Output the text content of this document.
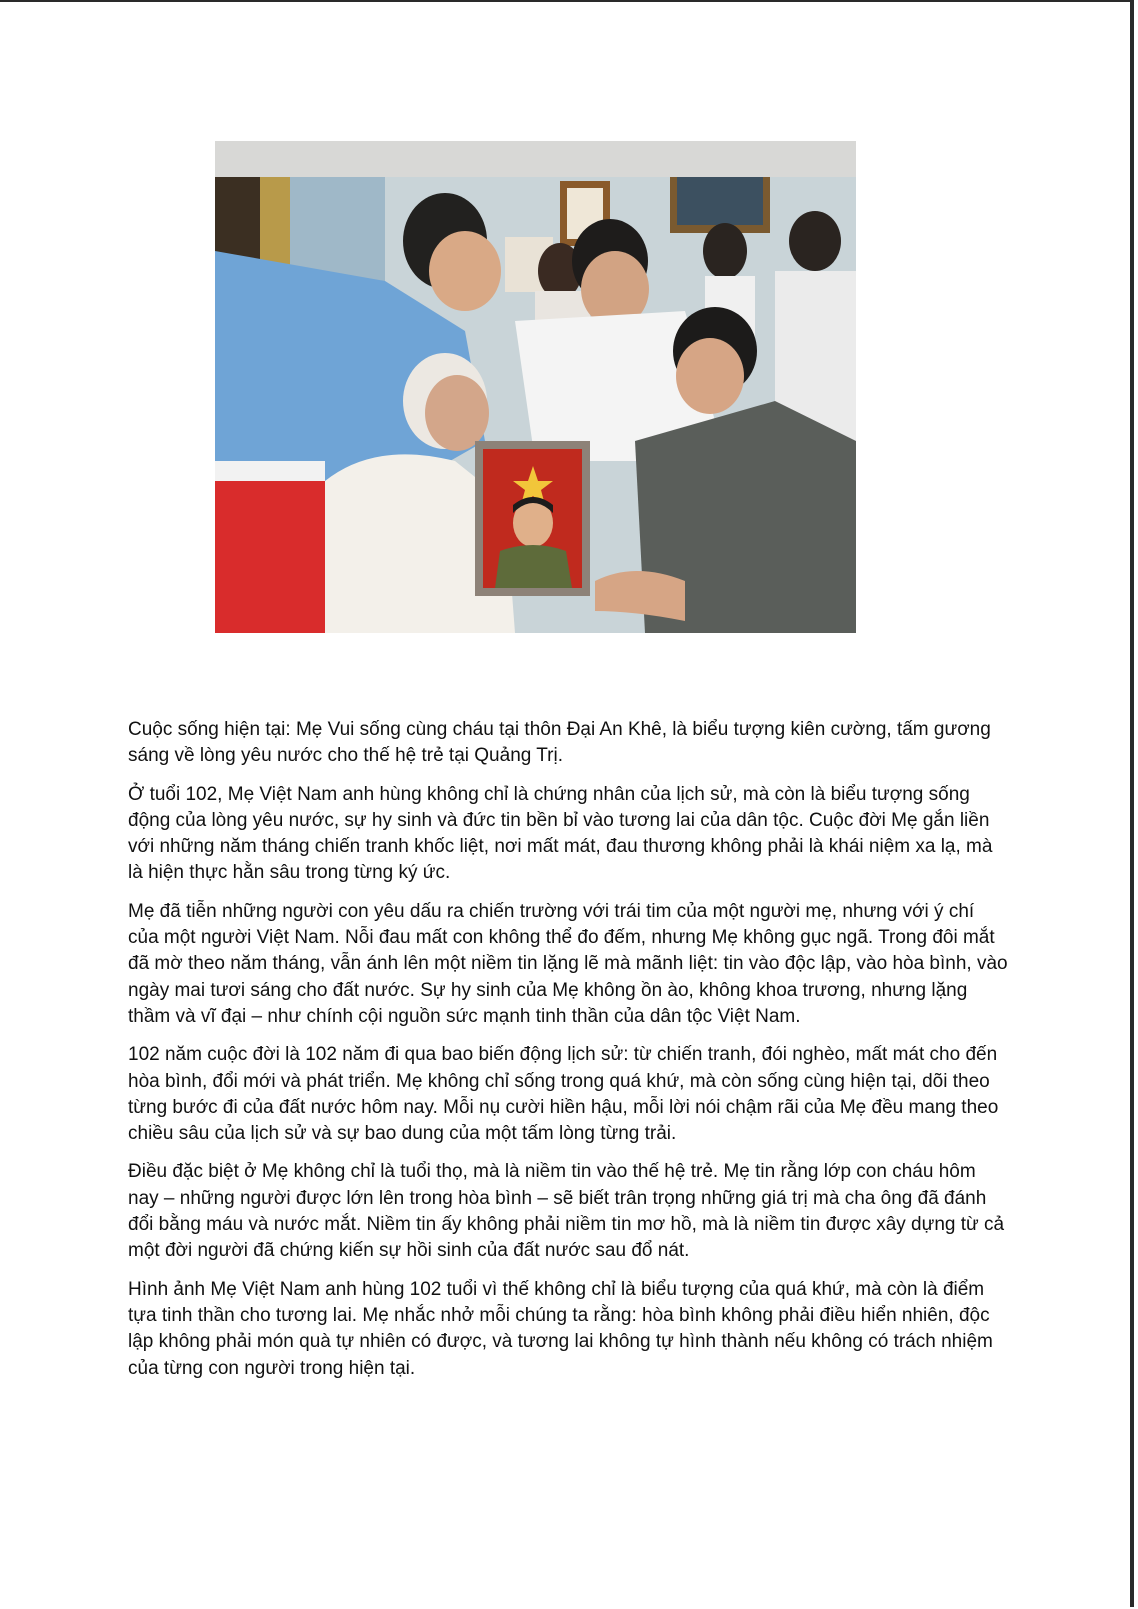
Cuộc sống hiện tại: Mẹ Vui sống cùng cháu tại thôn Đại An Khê, là biểu tượng kiên cường, tấm gương sáng về lòng yêu nước cho thế hệ trẻ tại Quảng Trị.

Ở tuổi 102, Mẹ Việt Nam anh hùng không chỉ là chứng nhân của lịch sử, mà còn là biểu tượng sống động của lòng yêu nước, sự hy sinh và đức tin bền bỉ vào tương lai của dân tộc. Cuộc đời Mẹ gắn liền với những năm tháng chiến tranh khốc liệt, nơi mất mát, đau thương không phải là khái niệm xa lạ, mà là hiện thực hằn sâu trong từng ký ức.

Mẹ đã tiễn những người con yêu dấu ra chiến trường với trái tim của một người mẹ, nhưng với ý chí của một người Việt Nam. Nỗi đau mất con không thể đo đếm, nhưng Mẹ không gục ngã. Trong đôi mắt đã mờ theo năm tháng, vẫn ánh lên một niềm tin lặng lẽ mà mãnh liệt: tin vào độc lập, vào hòa bình, vào ngày mai tươi sáng cho đất nước. Sự hy sinh của Mẹ không ồn ào, không khoa trương, nhưng lặng thầm và vĩ đại – như chính cội nguồn sức mạnh tinh thần của dân tộc Việt Nam.

102 năm cuộc đời là 102 năm đi qua bao biến động lịch sử: từ chiến tranh, đói nghèo, mất mát cho đến hòa bình, đổi mới và phát triển. Mẹ không chỉ sống trong quá khứ, mà còn sống cùng hiện tại, dõi theo từng bước đi của đất nước hôm nay. Mỗi nụ cười hiền hậu, mỗi lời nói chậm rãi của Mẹ đều mang theo chiều sâu của lịch sử và sự bao dung của một tấm lòng từng trải.

Điều đặc biệt ở Mẹ không chỉ là tuổi thọ, mà là niềm tin vào thế hệ trẻ. Mẹ tin rằng lớp con cháu hôm nay – những người được lớn lên trong hòa bình – sẽ biết trân trọng những giá trị mà cha ông đã đánh đổi bằng máu và nước mắt. Niềm tin ấy không phải niềm tin mơ hồ, mà là niềm tin được xây dựng từ cả một đời người đã chứng kiến sự hồi sinh của đất nước sau đổ nát.

Hình ảnh Mẹ Việt Nam anh hùng 102 tuổi vì thế không chỉ là biểu tượng của quá khứ, mà còn là điểm tựa tinh thần cho tương lai. Mẹ nhắc nhở mỗi chúng ta rằng: hòa bình không phải điều hiển nhiên, độc lập không phải món quà tự nhiên có được, và tương lai không tự hình thành nếu không có trách nhiệm của từng con người trong hiện tại.
